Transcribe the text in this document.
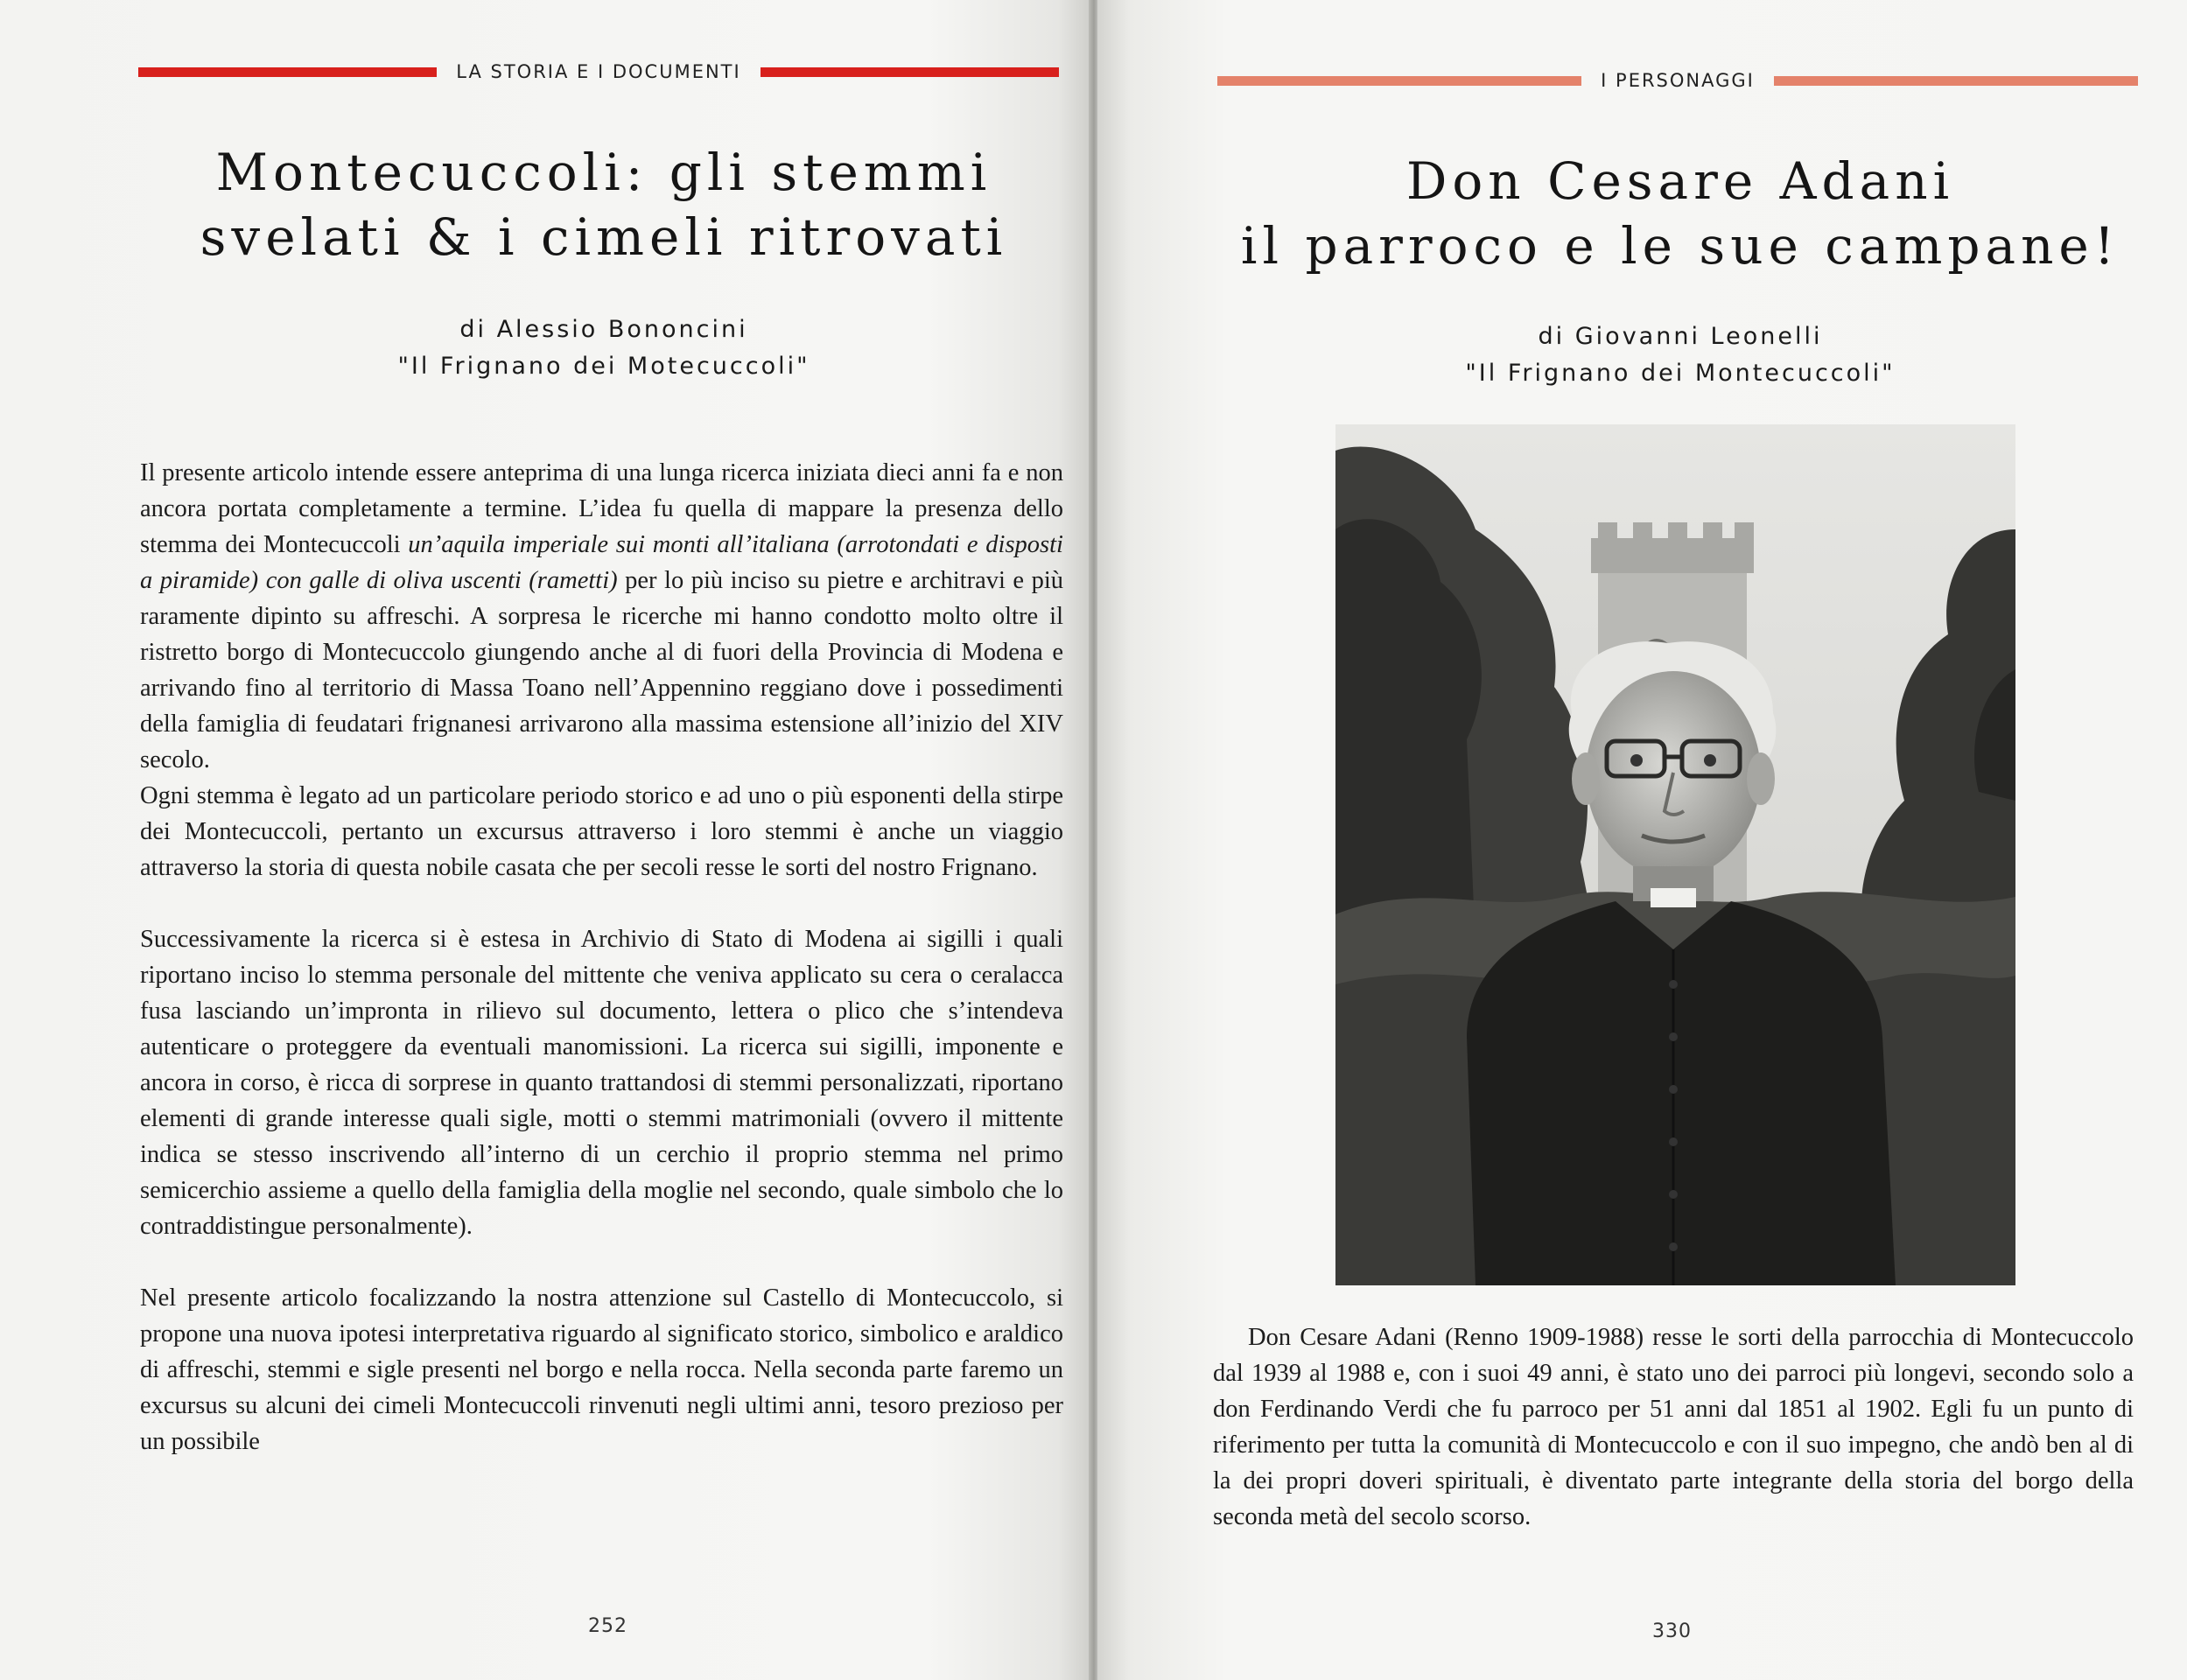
LA STORIA E I DOCUMENTI
Montecuccoli: gli stemmi
svelati & i cimeli ritrovati
di Alessio Bononcini
"Il Frignano dei Motecuccoli"

Il presente articolo intende essere anteprima di una lunga ricerca iniziata dieci anni fa e non ancora portata completamente a termine. L’idea fu quella di mappare la presenza dello stemma dei Montecuccoli un’aquila imperiale sui monti all’italiana (arrotondati e disposti a piramide) con galle di oliva uscenti (rametti) per lo più inciso su pietre e architravi e più raramente dipinto su affreschi. A sorpresa le ricerche mi hanno condotto molto oltre il ristretto borgo di Montecuccolo giungendo anche al di fuori della Provincia di Modena e arrivando fino al territorio di Massa Toano nell’Appennino reggiano dove i possedimenti della famiglia di feudatari frignanesi arrivarono alla massima estensione all’inizio del XIV secolo.

Ogni stemma è legato ad un particolare periodo storico e ad uno o più esponenti della stirpe dei Montecuccoli, pertanto un excursus attraverso i loro stemmi è anche un viaggio attraverso la storia di questa nobile casata che per secoli resse le sorti del nostro Frignano.

Successivamente la ricerca si è estesa in Archivio di Stato di Modena ai sigilli i quali riportano inciso lo stemma personale del mittente che veniva applicato su cera o ceralacca fusa lasciando un’impronta in rilievo sul documento, lettera o plico che s’intendeva autenticare o proteggere da eventuali manomissioni. La ricerca sui sigilli, imponente e ancora in corso, è ricca di sorprese in quanto trattandosi di stemmi personalizzati, riportano elementi di grande interesse quali sigle, motti o stemmi matrimoniali (ovvero il mittente indica se stesso inscrivendo all’interno di un cerchio il proprio stemma nel primo semicerchio assieme a quello della famiglia della moglie nel secondo, quale simbolo che lo contraddistingue personalmente).

Nel presente articolo focalizzando la nostra attenzione sul Castello di Montecuccolo, si propone una nuova ipotesi interpretativa riguardo al significato storico, simbolico e araldico di affreschi, stemmi e sigle presenti nel borgo e nella rocca. Nella seconda parte faremo un excursus su alcuni dei cimeli Montecuccoli rinvenuti negli ultimi anni, tesoro prezioso per un possibile

252
I PERSONAGGI
Don Cesare Adani
il parroco e le sue campane!
di Giovanni Leonelli
"Il Frignano dei Montecuccoli"

Don Cesare Adani (Renno 1909-1988) resse le sorti della parrocchia di Montecuccolo dal 1939 al 1988 e, con i suoi 49 anni, è stato uno dei parroci più longevi, secondo solo a don Ferdinando Verdi che fu parroco per 51 anni dal 1851 al 1902. Egli fu un punto di riferimento per tutta la comunità di Montecuccolo e con il suo impegno, che andò ben al di la dei propri doveri spirituali, è diventato parte integrante della storia del borgo della seconda metà del secolo scorso.

330
